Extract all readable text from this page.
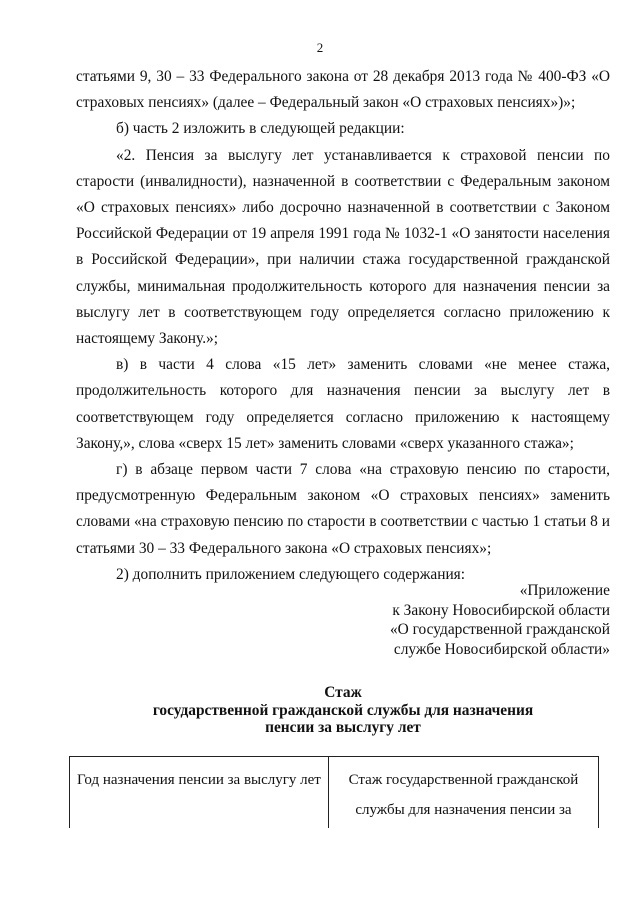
2

статьями 9, 30 – 33 Федерального закона от 28 декабря 2013 года № 400-ФЗ «О страховых пенсиях» (далее – Федеральный закон «О страховых пенсиях»)»;

б) часть 2 изложить в следующей редакции:

«2. Пенсия за выслугу лет устанавливается к страховой пенсии по старости (инвалидности), назначенной в соответствии с Федеральным законом «О страховых пенсиях» либо досрочно назначенной в соответствии с Законом Российской Федерации от 19 апреля 1991 года № 1032-1 «О занятости населения в Российской Федерации», при наличии стажа государственной гражданской службы, минимальная продолжительность которого для назначения пенсии за выслугу лет в соответствующем году определяется согласно приложению к настоящему Закону.»;

в) в части 4 слова «15 лет» заменить словами «не менее стажа, продолжительность которого для назначения пенсии за выслугу лет в соответствующем году определяется согласно приложению к настоящему Закону,», слова «сверх 15 лет» заменить словами «сверх указанного стажа»;

г) в абзаце первом части 7 слова «на страховую пенсию по старости, предусмотренную Федеральным законом «О страховых пенсиях» заменить словами «на страховую пенсию по старости в соответствии с частью 1 статьи 8 и статьями 30 – 33 Федерального закона «О страховых пенсиях»;

2) дополнить приложением следующего содержания:

«Приложение
к Закону Новосибирской области
«О государственной гражданской
службе Новосибирской области»
Стаж
государственной гражданской службы для назначения
пенсии за выслугу лет
Год назначения пенсии за выслугу лет	Стаж государственной гражданской службы для назначения пенсии за
